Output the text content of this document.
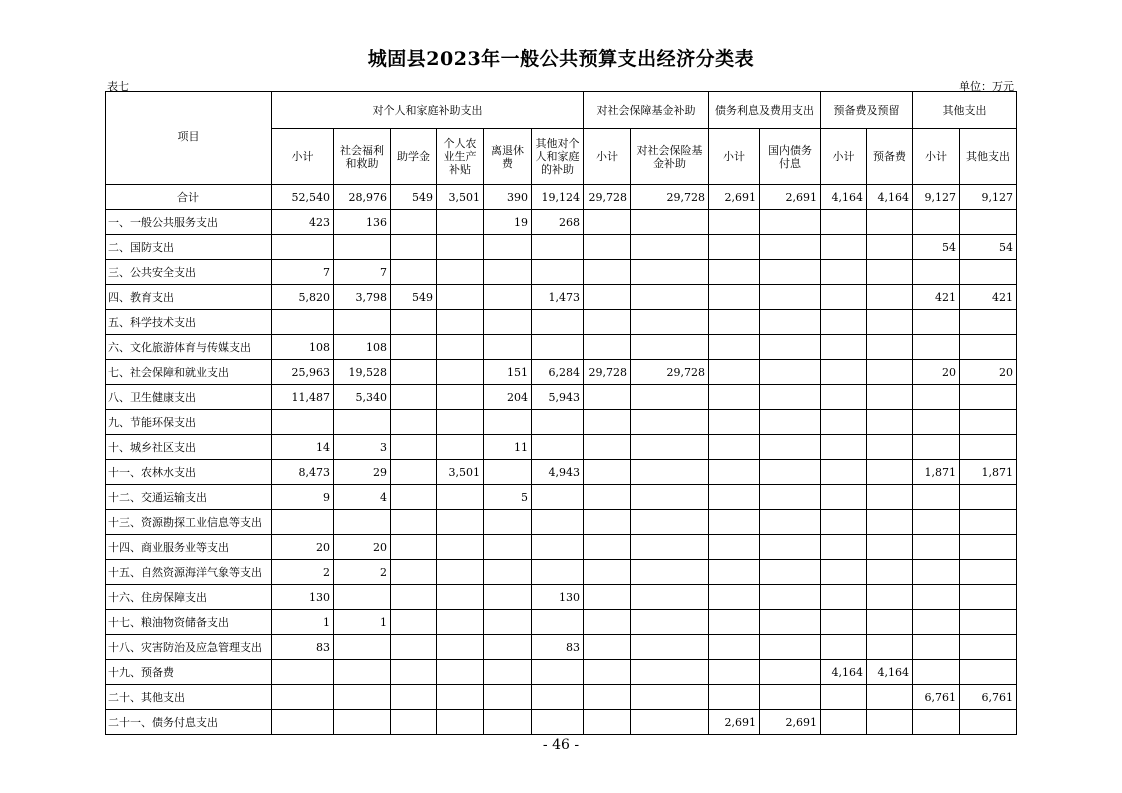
城固县2023年一般公共预算支出经济分类表
表七	单位：万元
项目	对个人和家庭补助支出						对社会保障基金补助		债务利息及费用支出		预备费及预留		其他支出	
	小计	社会福利和救助	助学金	个人农业生产补贴	离退休费	其他对个人和家庭的补助	小计	对社会保险基金补助	小计	国内债务付息	小计	预备费	小计	其他支出
合计	52,540	28,976	549	3,501	390	19,124	29,728	29,728	2,691	2,691	4,164	4,164	9,127	9,127
一、一般公共服务支出	423	136			19	268								
二、国防支出													54	54
三、公共安全支出	7	7												
四、教育支出	5,820	3,798	549			1,473							421	421
五、科学技术支出														
六、文化旅游体育与传媒支出	108	108												
七、社会保障和就业支出	25,963	19,528			151	6,284	29,728	29,728					20	20
八、卫生健康支出	11,487	5,340			204	5,943								
九、节能环保支出														
十、城乡社区支出	14	3			11									
十一、农林水支出	8,473	29		3,501		4,943							1,871	1,871
十二、交通运输支出	9	4			5									
十三、资源勘探工业信息等支出														
十四、商业服务业等支出	20	20												
十五、自然资源海洋气象等支出	2	2												
十六、住房保障支出	130					130								
十七、粮油物资储备支出	1	1												
十八、灾害防治及应急管理支出	83					83								
十九、预备费											4,164	4,164		
二十、其他支出													6,761	6,761
二十一、债务付息支出									2,691	2,691				
- 46 -
